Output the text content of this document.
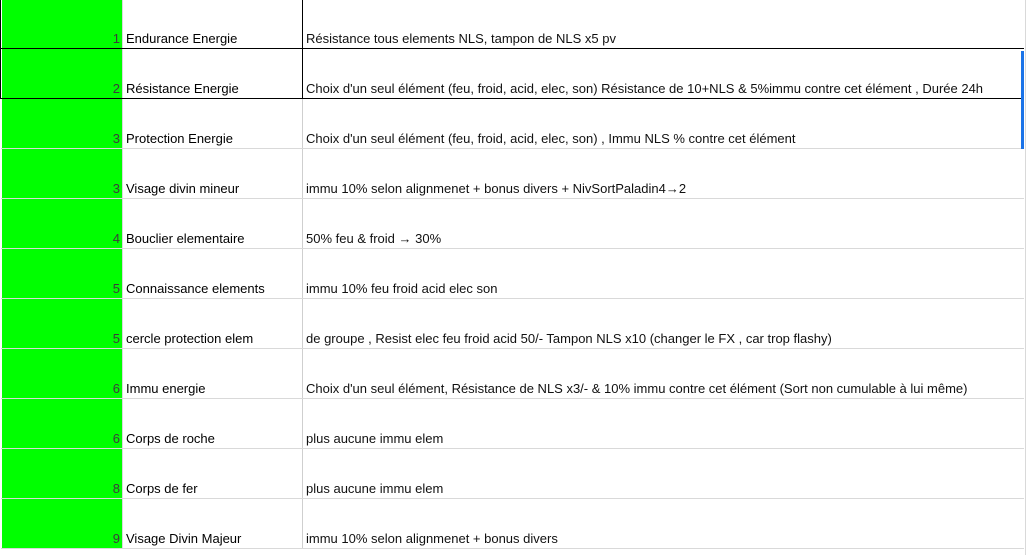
1	Endurance Energie	Résistance tous elements NLS, tampon de NLS x5 pv

2	Résistance Energie	Choix d'un seul élément (feu, froid, acid, elec, son) Résistance de 10+NLS & 5%immu contre cet élément , Durée 24h

3	Protection Energie	Choix d'un seul élément (feu, froid, acid, elec, son) , Immu NLS % contre cet élément

3	Visage divin mineur	immu 10% selon alignmenet + bonus divers + NivSortPaladin4→2

4	Bouclier elementaire	50% feu & froid → 30%

5	Connaissance elements	immu 10% feu froid acid elec son

5	cercle protection elem	de groupe , Resist elec feu froid acid 50/- Tampon NLS x10 (changer le FX , car trop flashy)

6	Immu energie	Choix d'un seul élément, Résistance de NLS x3/- & 10% immu contre cet élément (Sort non cumulable à lui même)

6	Corps de roche	plus aucune immu elem

8	Corps de fer	plus aucune immu elem

9	Visage Divin Majeur	immu 10% selon alignmenet + bonus divers
